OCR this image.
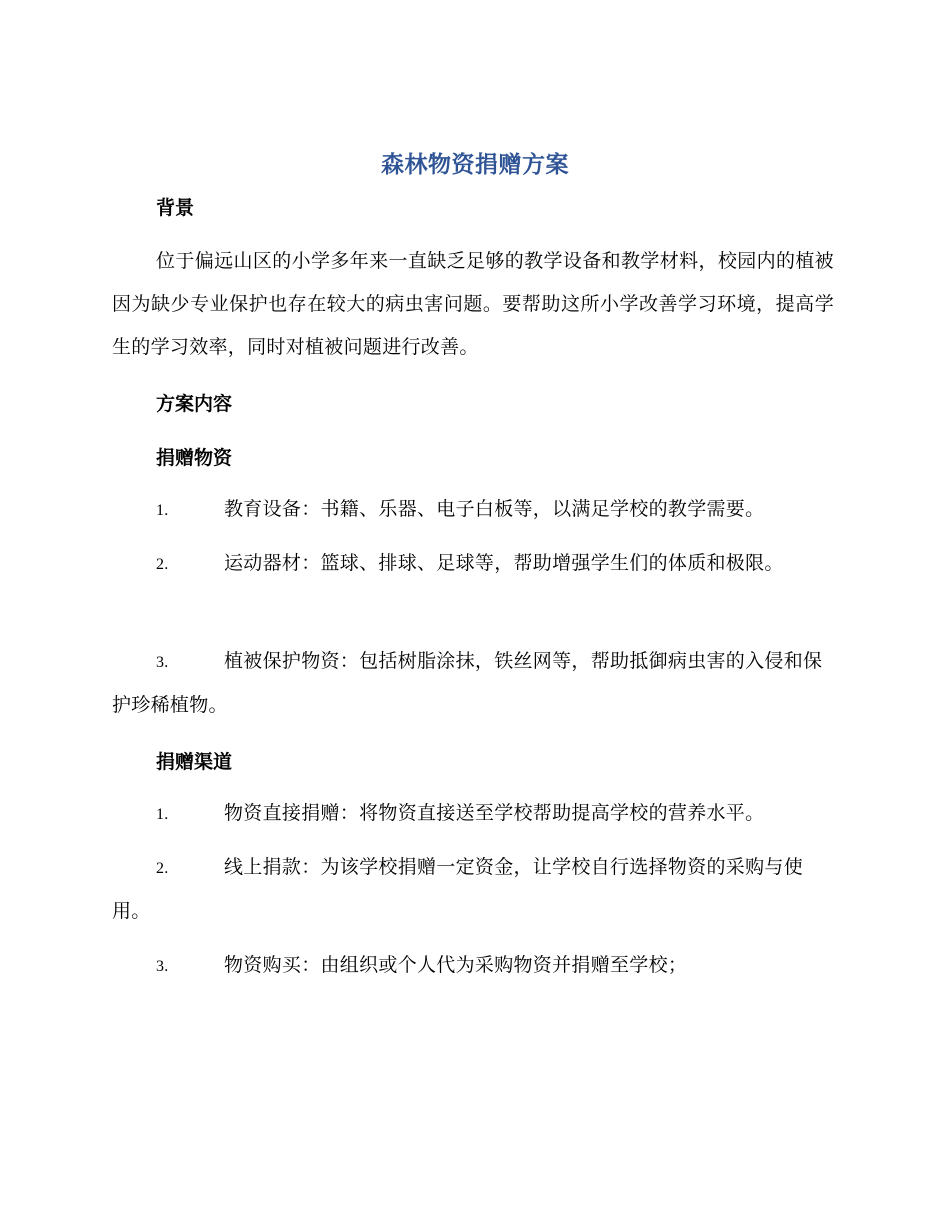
森林物资捐赠方案
背景
位于偏远山区的小学多年来一直缺乏足够的教学设备和教学材料，校园内的植被因为缺少专业保护也存在较大的病虫害问题。要帮助这所小学改善学习环境，提高学生的学习效率，同时对植被问题进行改善。
方案内容
捐赠物资
1.	教育设备：书籍、乐器、电子白板等，以满足学校的教学需要。
2.	运动器材：篮球、排球、足球等，帮助增强学生们的体质和极限。
3.	植被保护物资：包括树脂涂抹，铁丝网等，帮助抵御病虫害的入侵和保护珍稀植物。
捐赠渠道
1.	物资直接捐赠：将物资直接送至学校帮助提高学校的营养水平。
2.	线上捐款：为该学校捐赠一定资金，让学校自行选择物资的采购与使用。
3.	物资购买：由组织或个人代为采购物资并捐赠至学校；
